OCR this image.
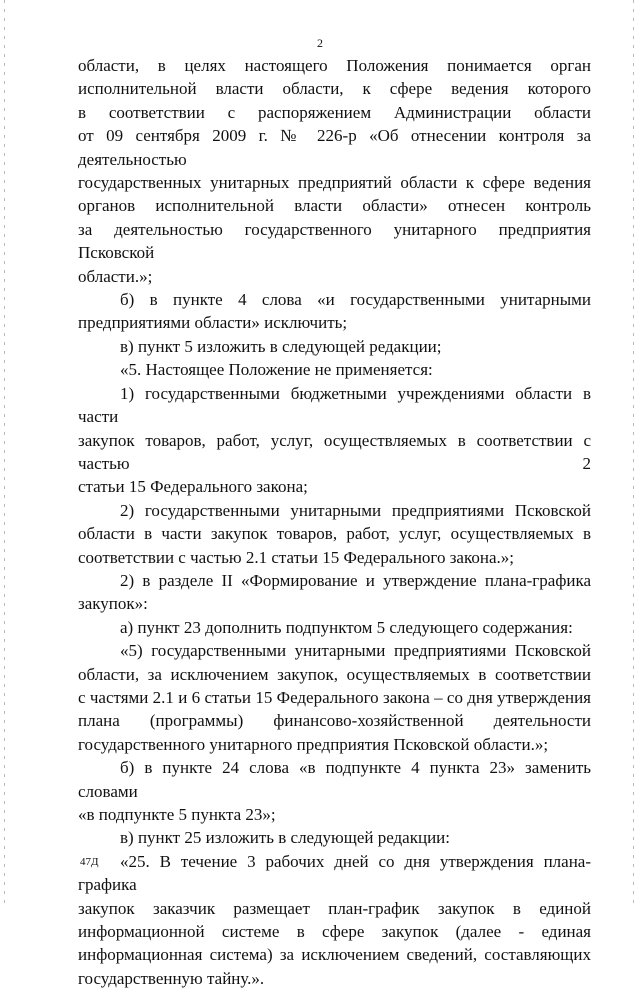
2

области, в целях настоящего Положения понимается орган

исполнительной власти области, к сфере ведения которого

в соответствии с распоряжением Администрации области

от 09 сентября 2009 г. № 226-р «Об отнесении контроля за деятельностью

государственных унитарных предприятий области к сфере ведения

органов исполнительной власти области» отнесен контроль

за деятельностью государственного унитарного предприятия Псковской

области.»;

б) в пункте 4 слова «и государственными унитарными

предприятиями области» исключить;

в) пункт 5 изложить в следующей редакции;

«5. Настоящее Положение не применяется:

1) государственными бюджетными учреждениями области в части

закупок товаров, работ, услуг, осуществляемых в соответствии с частью 2

статьи 15 Федерального закона;

2) государственными унитарными предприятиями Псковской

области в части закупок товаров, работ, услуг, осуществляемых в

соответствии с частью 2.1 статьи 15 Федерального закона.»;

2) в разделе II «Формирование и утверждение плана-графика

закупок»:

а) пункт 23 дополнить подпунктом 5 следующего содержания:

«5) государственными унитарными предприятиями Псковской

области, за исключением закупок, осуществляемых в соответствии

с частями 2.1 и 6 статьи 15 Федерального закона – со дня утверждения

плана (программы) финансово-хозяйственной деятельности

государственного унитарного предприятия Псковской области.»;

б) в пункте 24 слова «в подпункте 4 пункта 23» заменить словами

«в подпункте 5 пункта 23»;

в) пункт 25 изложить в следующей редакции:

«25. В течение 3 рабочих дней со дня утверждения плана-графика

закупок заказчик размещает план-график закупок в единой

информационной системе в сфере закупок (далее - единая

информационная система) за исключением сведений, составляющих

государственную тайну.».

47Д
